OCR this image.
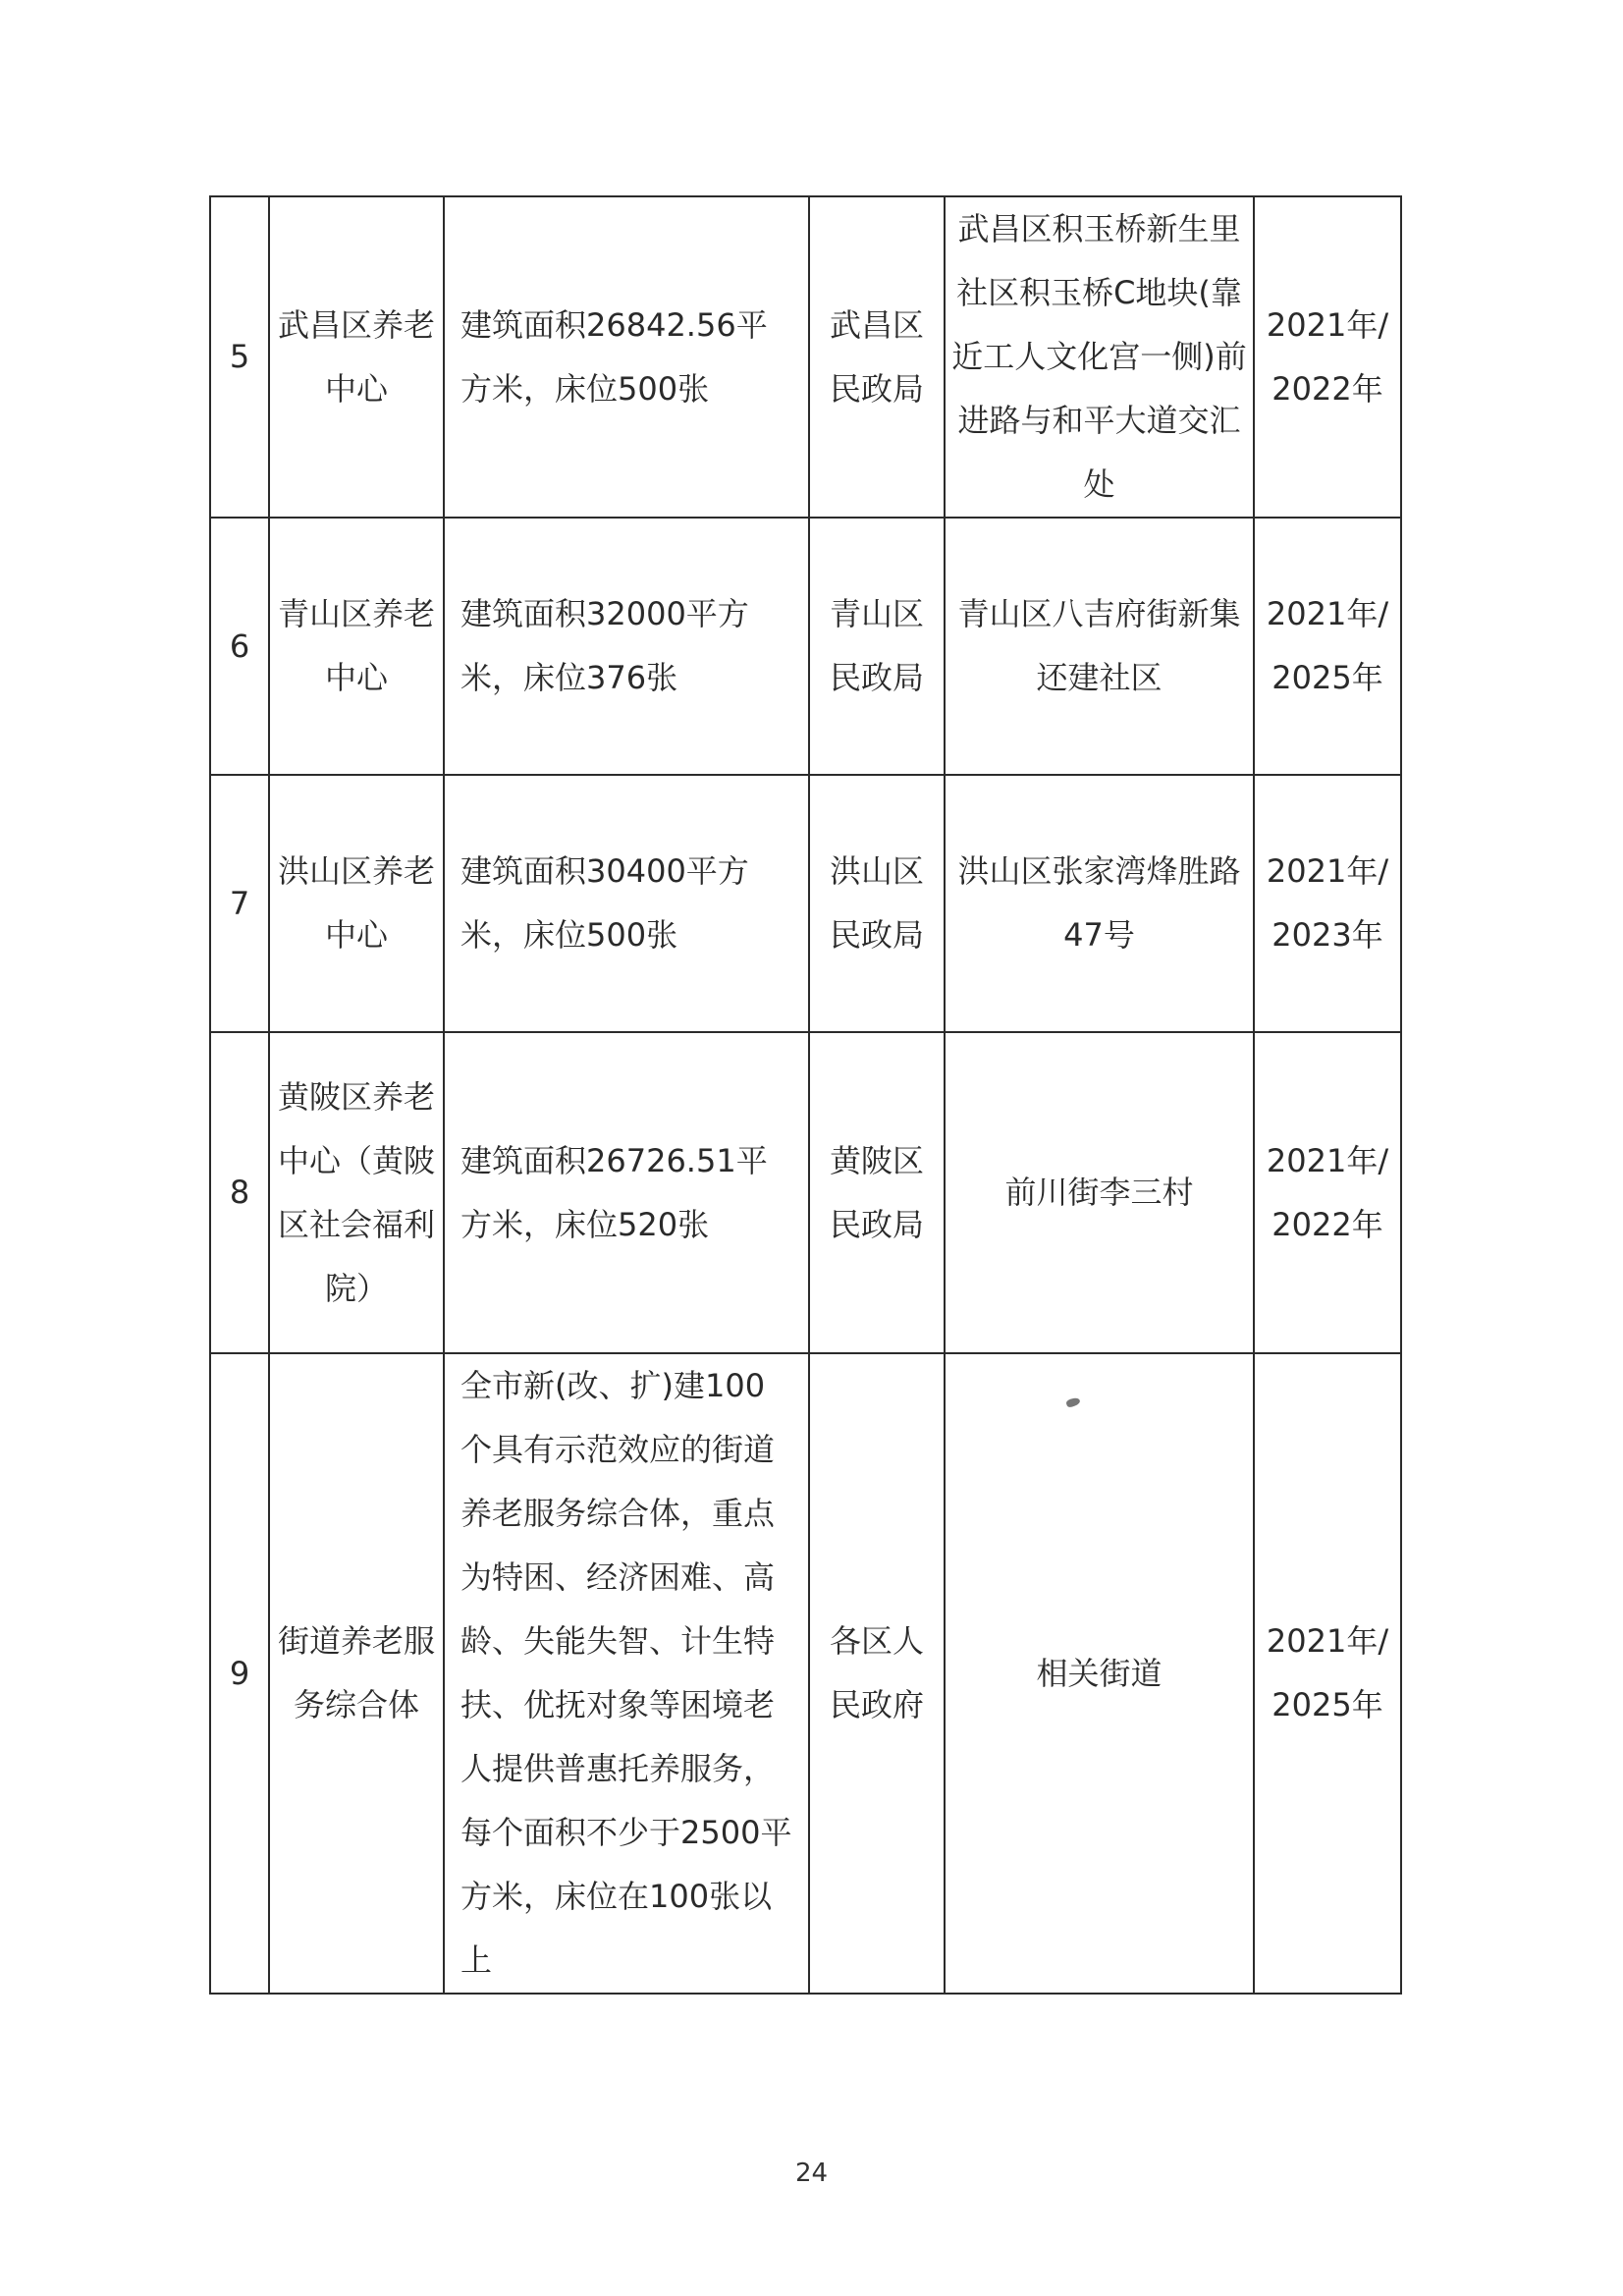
5	武昌区养老中心	建筑面积26842.56平方米，床位500张	武昌区民政局	武昌区积玉桥新生里社区积玉桥C地块(靠近工人文化宫一侧)前进路与和平大道交汇处	2021年/2022年
6	青山区养老中心	建筑面积32000平方米，床位376张	青山区民政局	青山区八吉府街新集还建社区	2021年/2025年
7	洪山区养老中心	建筑面积30400平方米，床位500张	洪山区民政局	洪山区张家湾烽胜路47号	2021年/2023年
8	黄陂区养老中心（黄陂区社会福利院）	建筑面积26726.51平方米，床位520张	黄陂区民政局	前川街李三村	2021年/2022年
9	街道养老服务综合体	全市新(改、扩)建100个具有示范效应的街道养老服务综合体，重点为特困、经济困难、高龄、失能失智、计生特扶、优抚对象等困境老人提供普惠托养服务，每个面积不少于2500平方米，床位在100张以上	各区人民政府	相关街道	2021年/2025年
24
